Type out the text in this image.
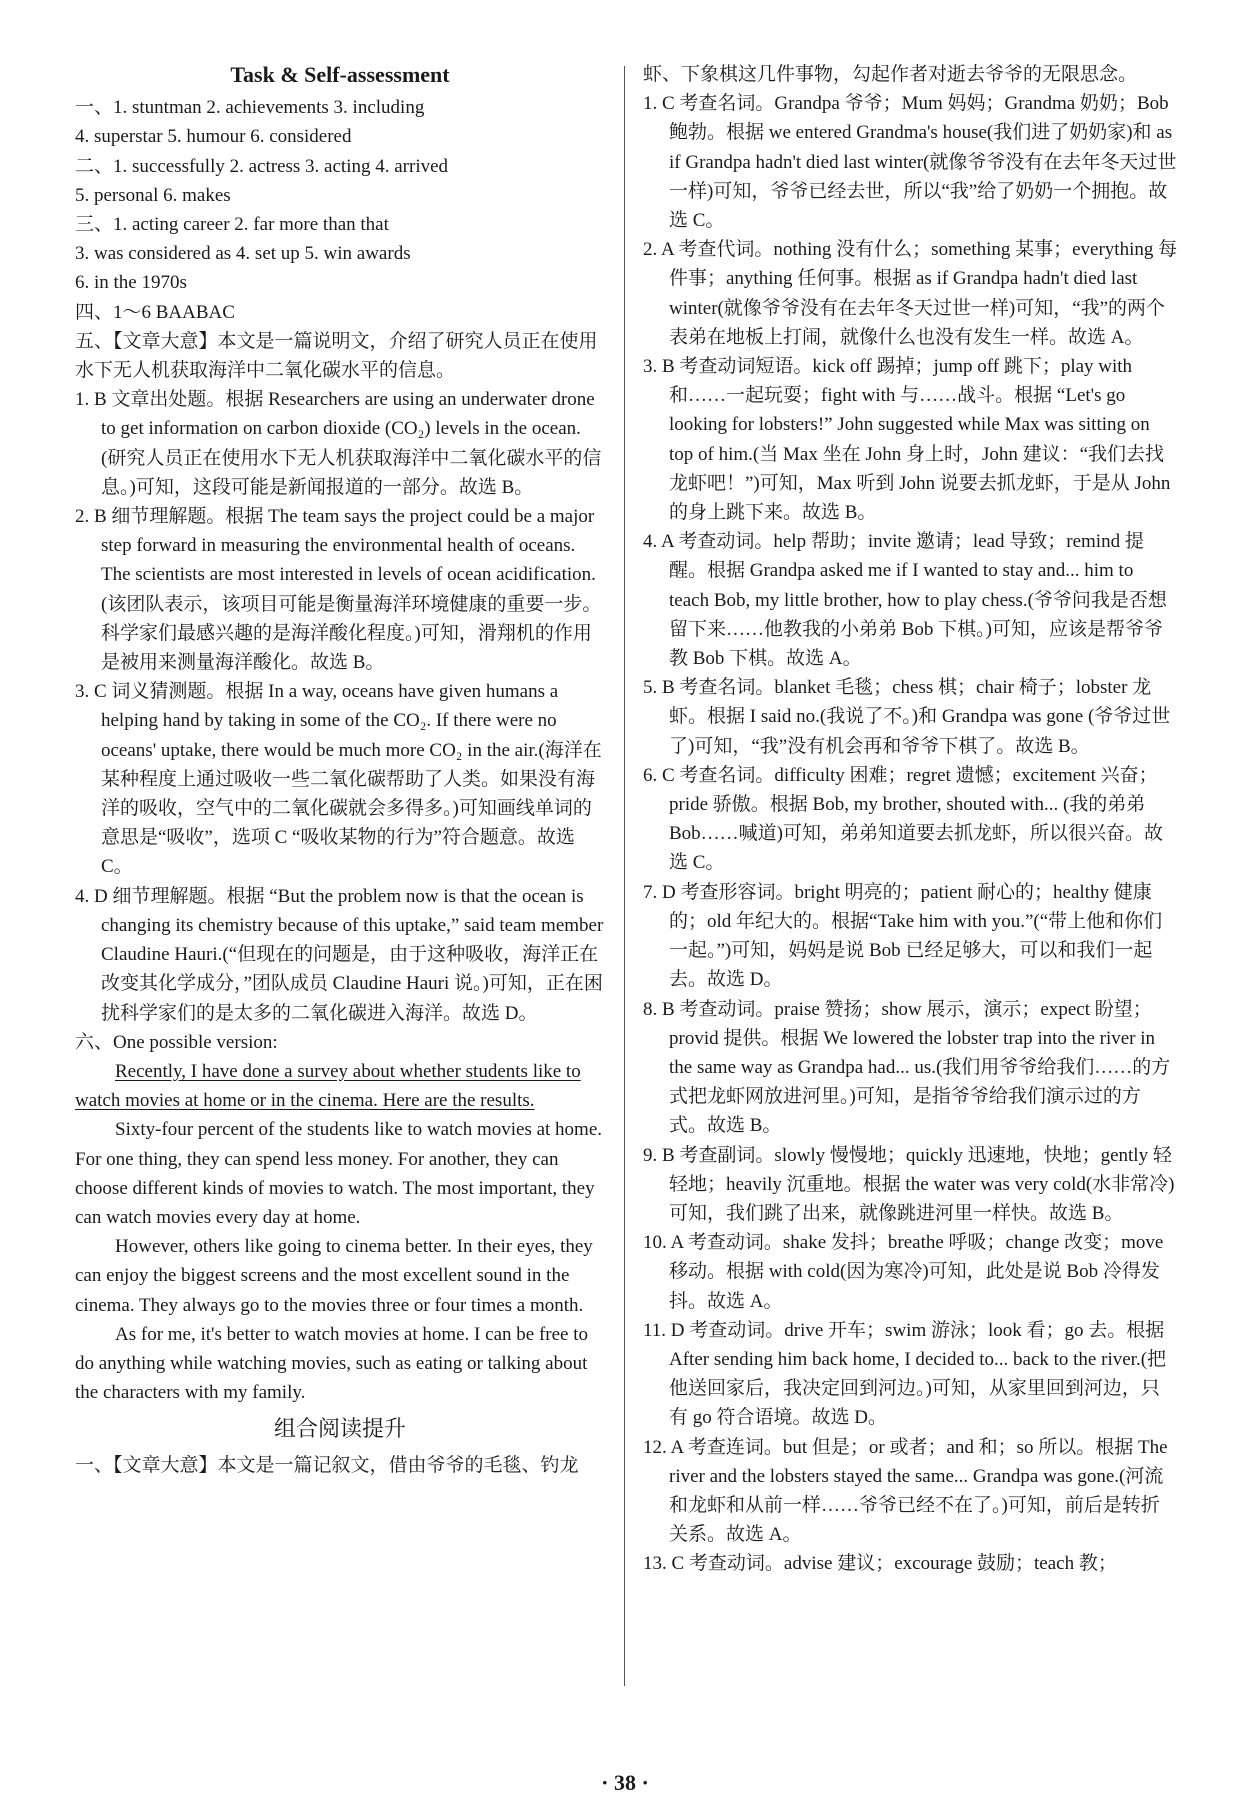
Task & Self-assessment

一、1. stuntman 2. achievements 3. including

4. superstar 5. humour 6. considered

二、1. successfully 2. actress 3. acting 4. arrived

5. personal 6. makes

三、1. acting career 2. far more than that

3. was considered as 4. set up 5. win awards

6. in the 1970s

四、1～6 BAABAC

五、【文章大意】本文是一篇说明文，介绍了研究人员正在使用水下无人机获取海洋中二氧化碳水平的信息。

1. B 文章出处题。根据 Researchers are using an underwater drone to get information on carbon dioxide (CO₂) levels in the ocean.(研究人员正在使用水下无人机获取海洋中二氧化碳水平的信息。)可知，这段可能是新闻报道的一部分。故选 B。

2. B 细节理解题。根据 The team says the project could be a major step forward in measuring the environmental health of oceans. The scientists are most interested in levels of ocean acidification.(该团队表示，该项目可能是衡量海洋环境健康的重要一步。科学家们最感兴趣的是海洋酸化程度。)可知，滑翔机的作用是被用来测量海洋酸化。故选 B。

3. C 词义猜测题。根据 In a way, oceans have given humans a helping hand by taking in some of the CO₂. If there were no oceans' uptake, there would be much more CO₂ in the air.(海洋在某种程度上通过吸收一些二氧化碳帮助了人类。如果没有海洋的吸收，空气中的二氧化碳就会多得多。)可知画线单词的意思是“吸收”，选项 C “吸收某物的行为”符合题意。故选 C。

4. D 细节理解题。根据 “But the problem now is that the ocean is changing its chemistry because of this uptake,” said team member Claudine Hauri.(“但现在的问题是，由于这种吸收，海洋正在改变其化学成分，”团队成员 Claudine Hauri 说。)可知，正在困扰科学家们的是太多的二氧化碳进入海洋。故选 D。

六、One possible version:

Recently, I have done a survey about whether students like to watch movies at home or in the cinema. Here are the results.

Sixty-four percent of the students like to watch movies at home. For one thing, they can spend less money. For another, they can choose different kinds of movies to watch. The most important, they can watch movies every day at home.

However, others like going to cinema better. In their eyes, they can enjoy the biggest screens and the most excellent sound in the cinema. They always go to the movies three or four times a month.

As for me, it's better to watch movies at home. I can be free to do anything while watching movies, such as eating or talking about the characters with my family.

组合阅读提升

一、【文章大意】本文是一篇记叙文，借由爷爷的毛毯、钓龙

虾、下象棋这几件事物，勾起作者对逝去爷爷的无限思念。

1. C 考查名词。Grandpa 爷爷；Mum 妈妈；Grandma 奶奶；Bob 鲍勃。根据 we entered Grandma's house(我们进了奶奶家)和 as if Grandpa hadn't died last winter(就像爷爷没有在去年冬天过世一样)可知，爷爷已经去世，所以“我”给了奶奶一个拥抱。故选 C。

2. A 考查代词。nothing 没有什么；something 某事；everything 每件事；anything 任何事。根据 as if Grandpa hadn't died last winter(就像爷爷没有在去年冬天过世一样)可知，“我”的两个表弟在地板上打闹，就像什么也没有发生一样。故选 A。

3. B 考查动词短语。kick off 踢掉；jump off 跳下；play with 和……一起玩耍；fight with 与……战斗。根据 “Let's go looking for lobsters!” John suggested while Max was sitting on top of him.(当 Max 坐在 John 身上时，John 建议：“我们去找龙虾吧！”)可知，Max 听到 John 说要去抓龙虾，于是从 John 的身上跳下来。故选 B。

4. A 考查动词。help 帮助；invite 邀请；lead 导致；remind 提醒。根据 Grandpa asked me if I wanted to stay and... him to teach Bob, my little brother, how to play chess.(爷爷问我是否想留下来……他教我的小弟弟 Bob 下棋。)可知，应该是帮爷爷教 Bob 下棋。故选 A。

5. B 考查名词。blanket 毛毯；chess 棋；chair 椅子；lobster 龙虾。根据 I said no.(我说了不。)和 Grandpa was gone (爷爷过世了)可知，“我”没有机会再和爷爷下棋了。故选 B。

6. C 考查名词。difficulty 困难；regret 遗憾；excitement 兴奋；pride 骄傲。根据 Bob, my brother, shouted with... (我的弟弟 Bob……喊道)可知，弟弟知道要去抓龙虾，所以很兴奋。故选 C。

7. D 考查形容词。bright 明亮的；patient 耐心的；healthy 健康的；old 年纪大的。根据“Take him with you.”(“带上他和你们一起。”)可知，妈妈是说 Bob 已经足够大，可以和我们一起去。故选 D。

8. B 考查动词。praise 赞扬；show 展示，演示；expect 盼望；provid 提供。根据 We lowered the lobster trap into the river in the same way as Grandpa had... us.(我们用爷爷给我们……的方式把龙虾网放进河里。)可知，是指爷爷给我们演示过的方式。故选 B。

9. B 考查副词。slowly 慢慢地；quickly 迅速地，快地；gently 轻轻地；heavily 沉重地。根据 the water was very cold(水非常冷)可知，我们跳了出来，就像跳进河里一样快。故选 B。

10. A 考查动词。shake 发抖；breathe 呼吸；change 改变；move 移动。根据 with cold(因为寒冷)可知，此处是说 Bob 冷得发抖。故选 A。

11. D 考查动词。drive 开车；swim 游泳；look 看；go 去。根据 After sending him back home, I decided to... back to the river.(把他送回家后，我决定回到河边。)可知，从家里回到河边，只有 go 符合语境。故选 D。

12. A 考查连词。but 但是；or 或者；and 和；so 所以。根据 The river and the lobsters stayed the same... Grandpa was gone.(河流和龙虾和从前一样……爷爷已经不在了。)可知，前后是转折关系。故选 A。

13. C 考查动词。advise 建议；excourage 鼓励；teach 教；

· 38 ·
